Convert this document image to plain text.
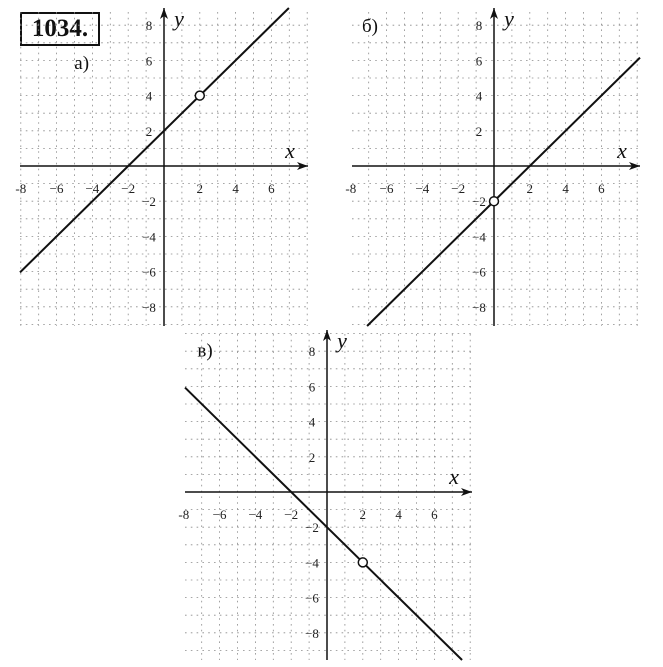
1034.
x
y
а)
-8 −6 −4 −2	2 4 6
8
6
4
2
−2
−4
−6
−8
x
y
б)
-8 −6 −4 −2	2 4 6
8
6
4
2
−2
−4
−6
−8
x
y
в)
-8 −6 −4 −2	2 4 6
8
6
4
2
−2
−4
−6
−8
